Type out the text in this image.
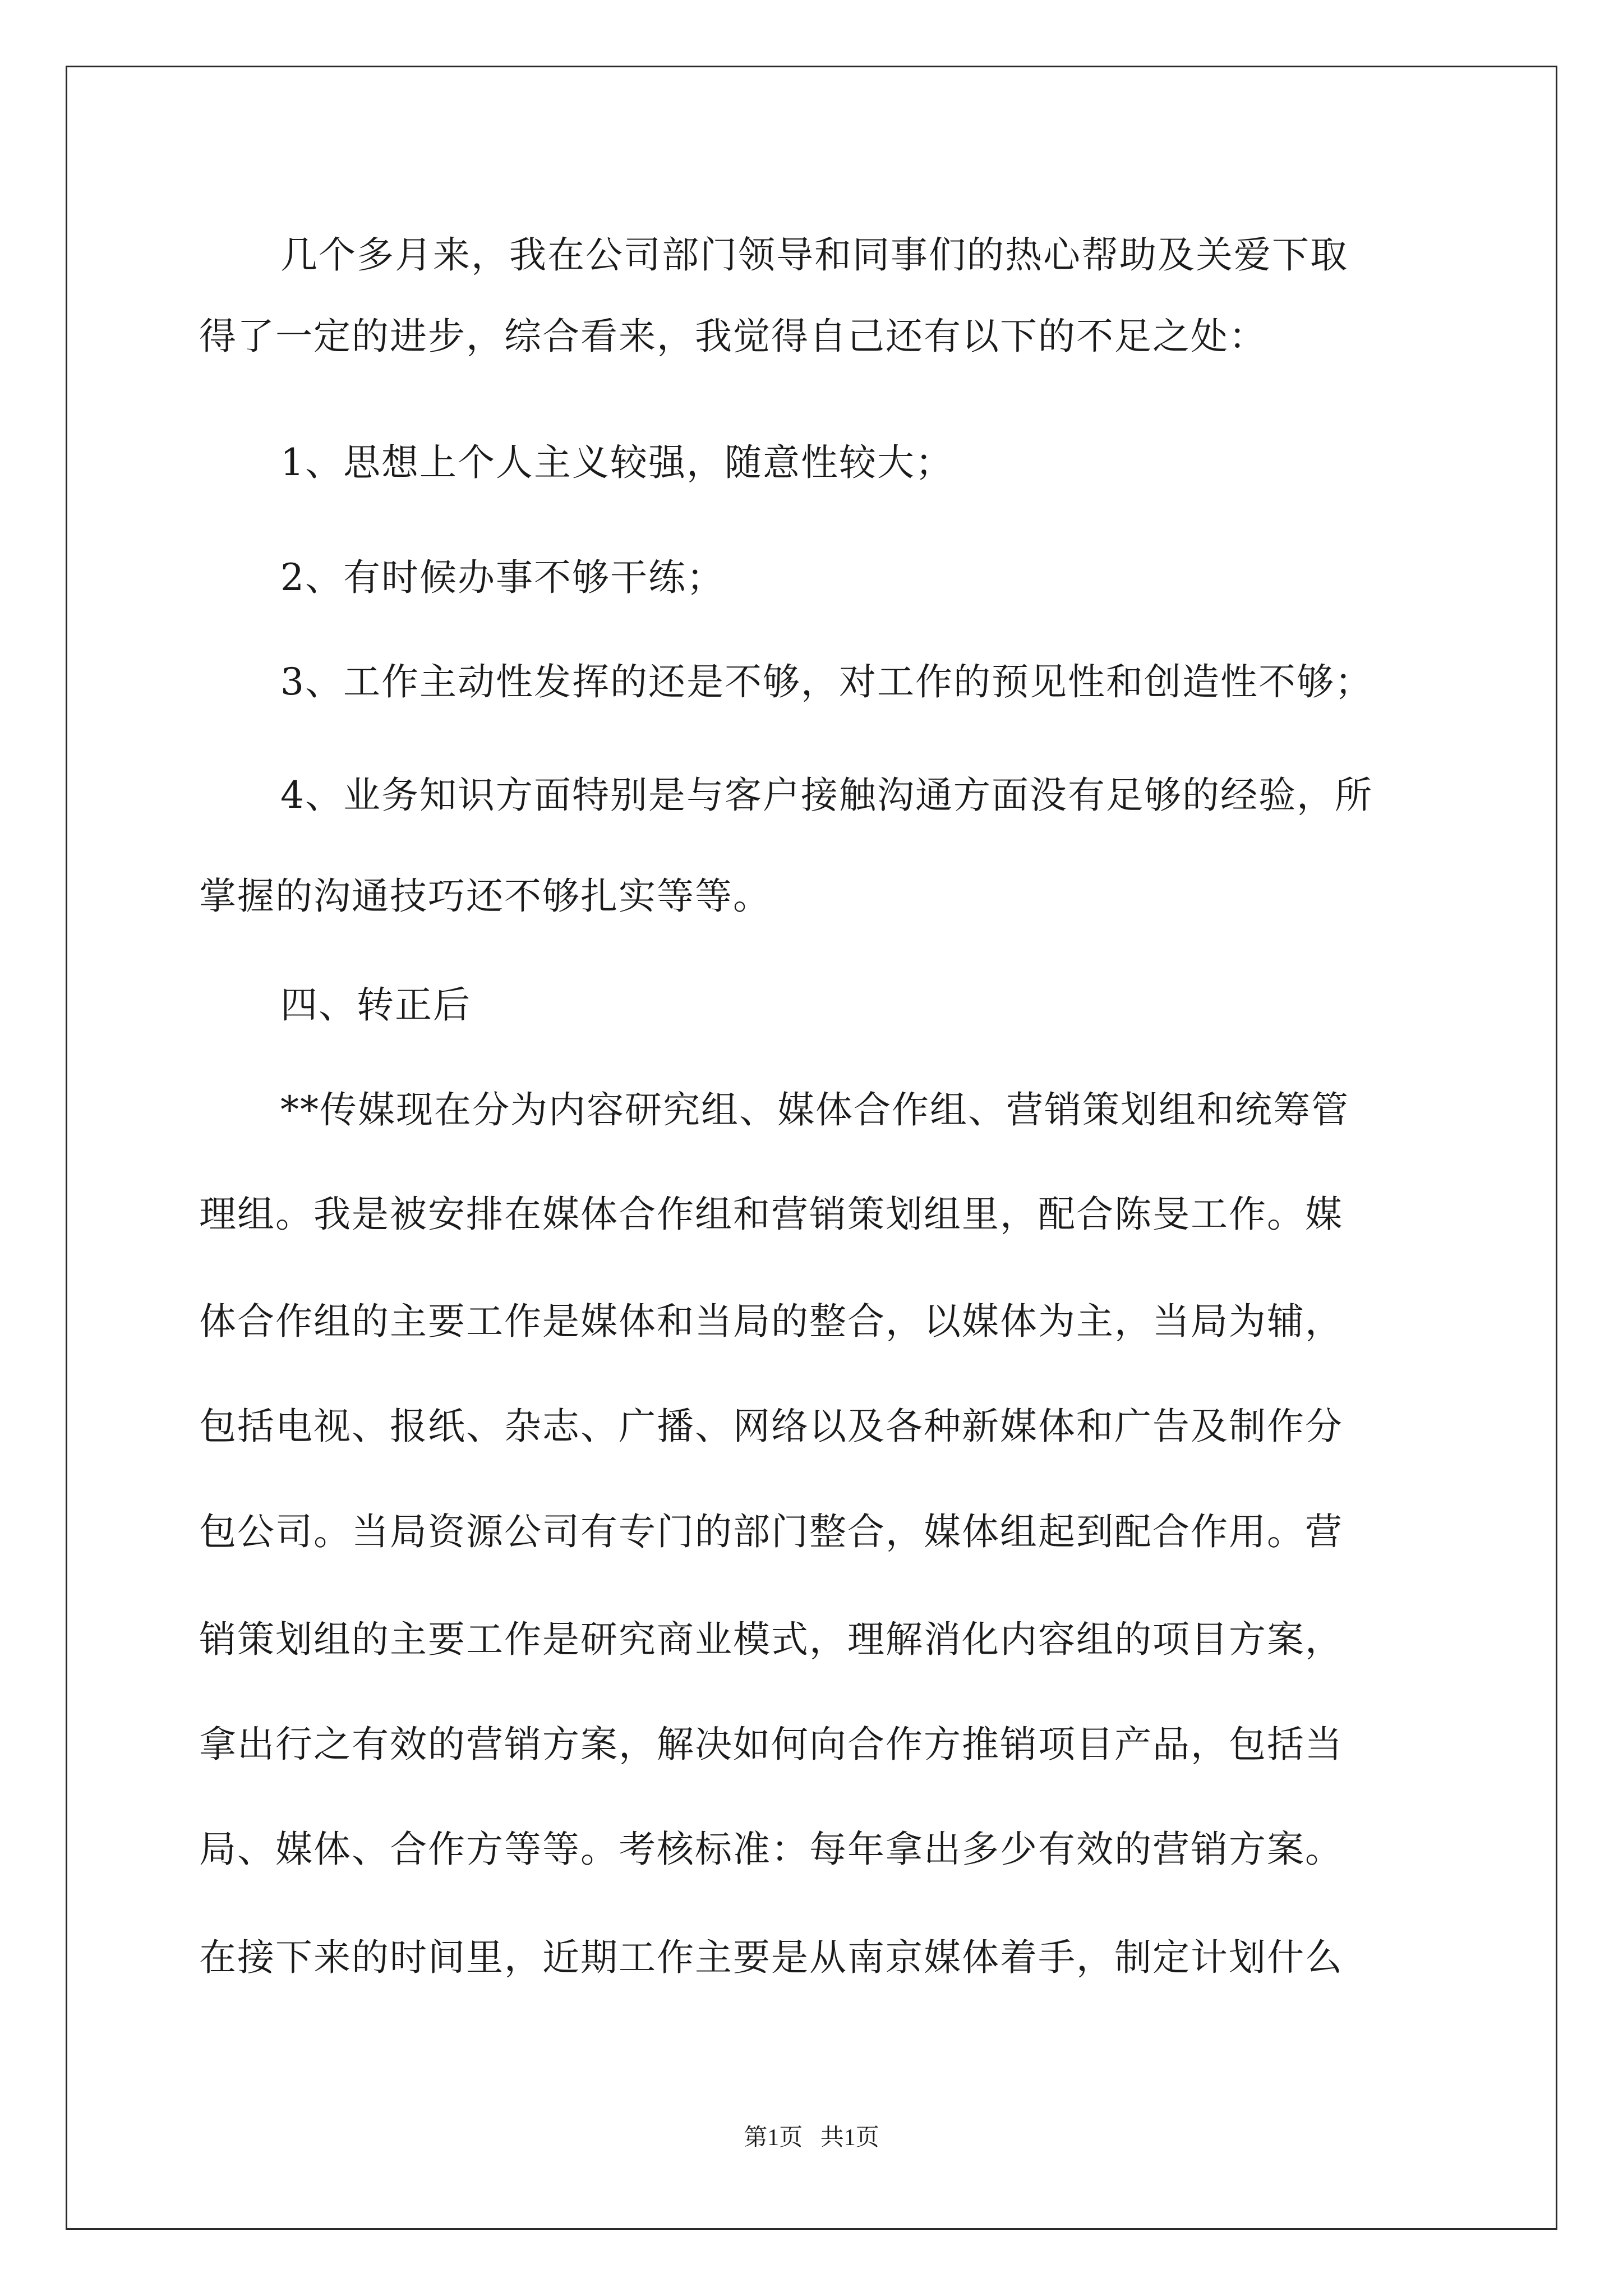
几个多月来，我在公司部门领导和同事们的热心帮助及关爱下取
得了一定的进步，综合看来，我觉得自己还有以下的不足之处：
1、思想上个人主义较强，随意性较大；
2、有时候办事不够干练；
3、工作主动性发挥的还是不够，对工作的预见性和创造性不够；
4、业务知识方面特别是与客户接触沟通方面没有足够的经验，所
掌握的沟通技巧还不够扎实等等。
四、转正后
**传媒现在分为内容研究组、媒体合作组、营销策划组和统筹管
理组。我是被安排在媒体合作组和营销策划组里，配合陈旻工作。媒
体合作组的主要工作是媒体和当局的整合，以媒体为主，当局为辅，
包括电视、报纸、杂志、广播、网络以及各种新媒体和广告及制作分
包公司。当局资源公司有专门的部门整合，媒体组起到配合作用。营
销策划组的主要工作是研究商业模式，理解消化内容组的项目方案，
拿出行之有效的营销方案，解决如何向合作方推销项目产品，包括当
局、媒体、合作方等等。考核标准：每年拿出多少有效的营销方案。
在接下来的时间里，近期工作主要是从南京媒体着手，制定计划什么
第1页   共1页
